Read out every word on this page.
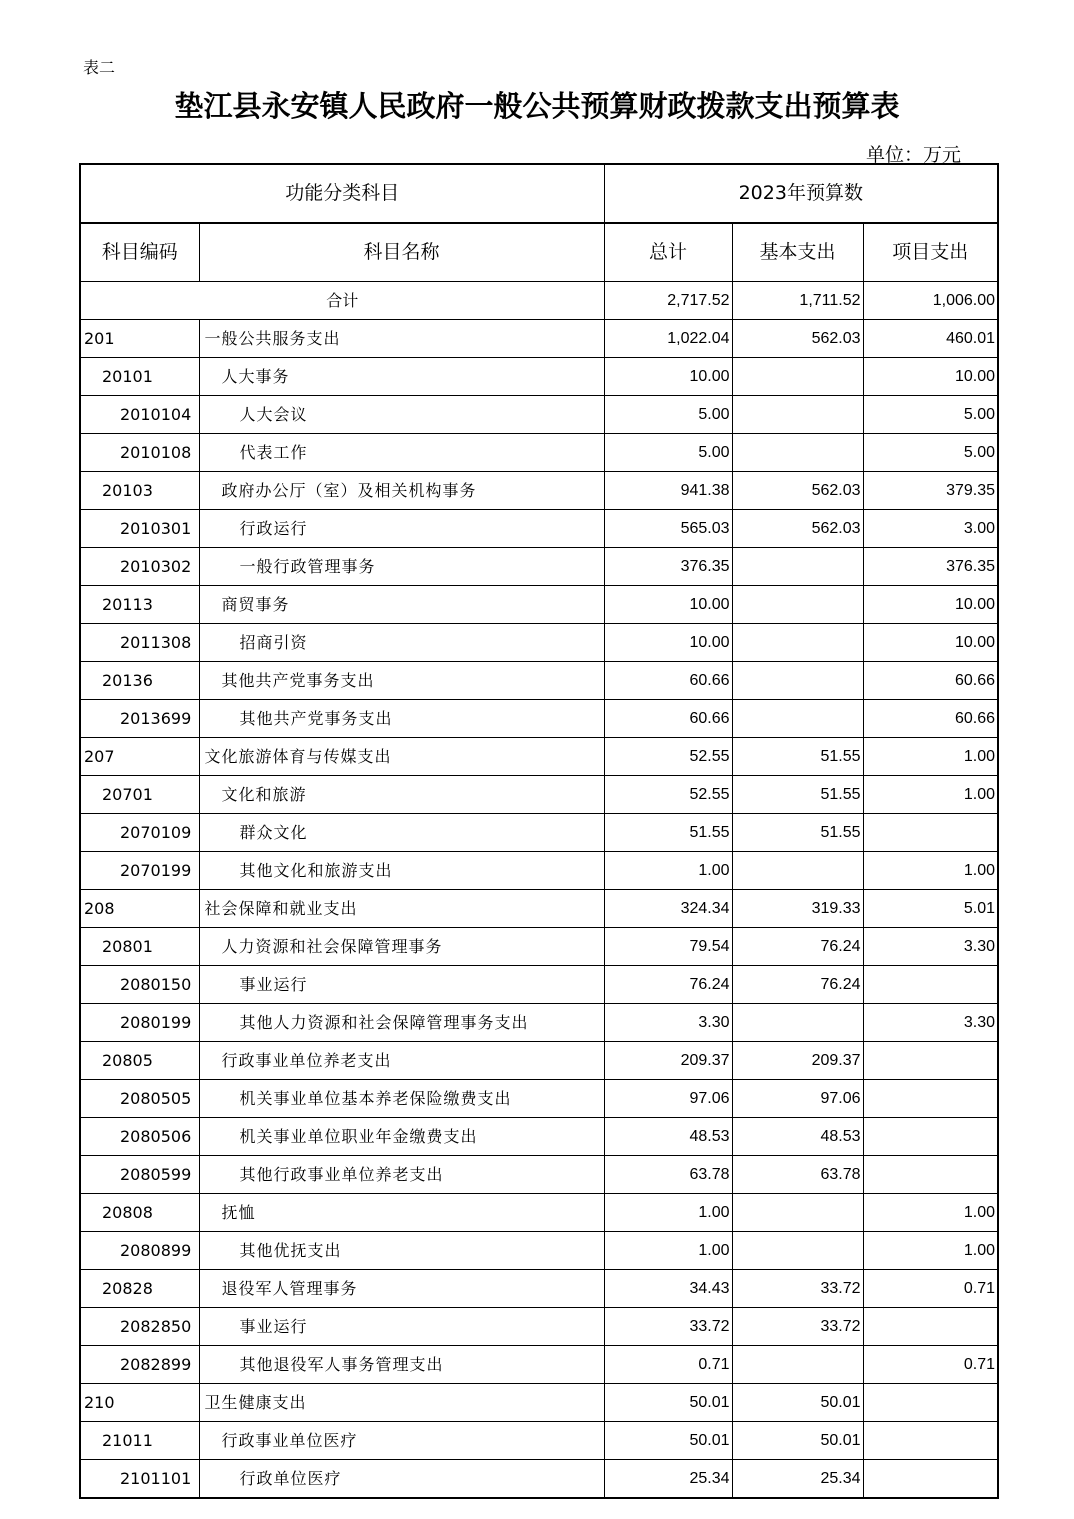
表二
垫江县永安镇人民政府一般公共预算财政拨款支出预算表
单位：万元
功能分类科目		2023年预算数		
科目编码	科目名称	总计	基本支出	项目支出
合计		2,717.52	1,711.52	1,006.00
201	一般公共服务支出	1,022.04	562.03	460.01
20101	人大事务	10.00		10.00
2010104	人大会议	5.00		5.00
2010108	代表工作	5.00		5.00
20103	政府办公厅（室）及相关机构事务	941.38	562.03	379.35
2010301	行政运行	565.03	562.03	3.00
2010302	一般行政管理事务	376.35		376.35
20113	商贸事务	10.00		10.00
2011308	招商引资	10.00		10.00
20136	其他共产党事务支出	60.66		60.66
2013699	其他共产党事务支出	60.66		60.66
207	文化旅游体育与传媒支出	52.55	51.55	1.00
20701	文化和旅游	52.55	51.55	1.00
2070109	群众文化	51.55	51.55	
2070199	其他文化和旅游支出	1.00		1.00
208	社会保障和就业支出	324.34	319.33	5.01
20801	人力资源和社会保障管理事务	79.54	76.24	3.30
2080150	事业运行	76.24	76.24	
2080199	其他人力资源和社会保障管理事务支出	3.30		3.30
20805	行政事业单位养老支出	209.37	209.37	
2080505	机关事业单位基本养老保险缴费支出	97.06	97.06	
2080506	机关事业单位职业年金缴费支出	48.53	48.53	
2080599	其他行政事业单位养老支出	63.78	63.78	
20808	抚恤	1.00		1.00
2080899	其他优抚支出	1.00		1.00
20828	退役军人管理事务	34.43	33.72	0.71
2082850	事业运行	33.72	33.72	
2082899	其他退役军人事务管理支出	0.71		0.71
210	卫生健康支出	50.01	50.01	
21011	行政事业单位医疗	50.01	50.01	
2101101	行政单位医疗	25.34	25.34	
